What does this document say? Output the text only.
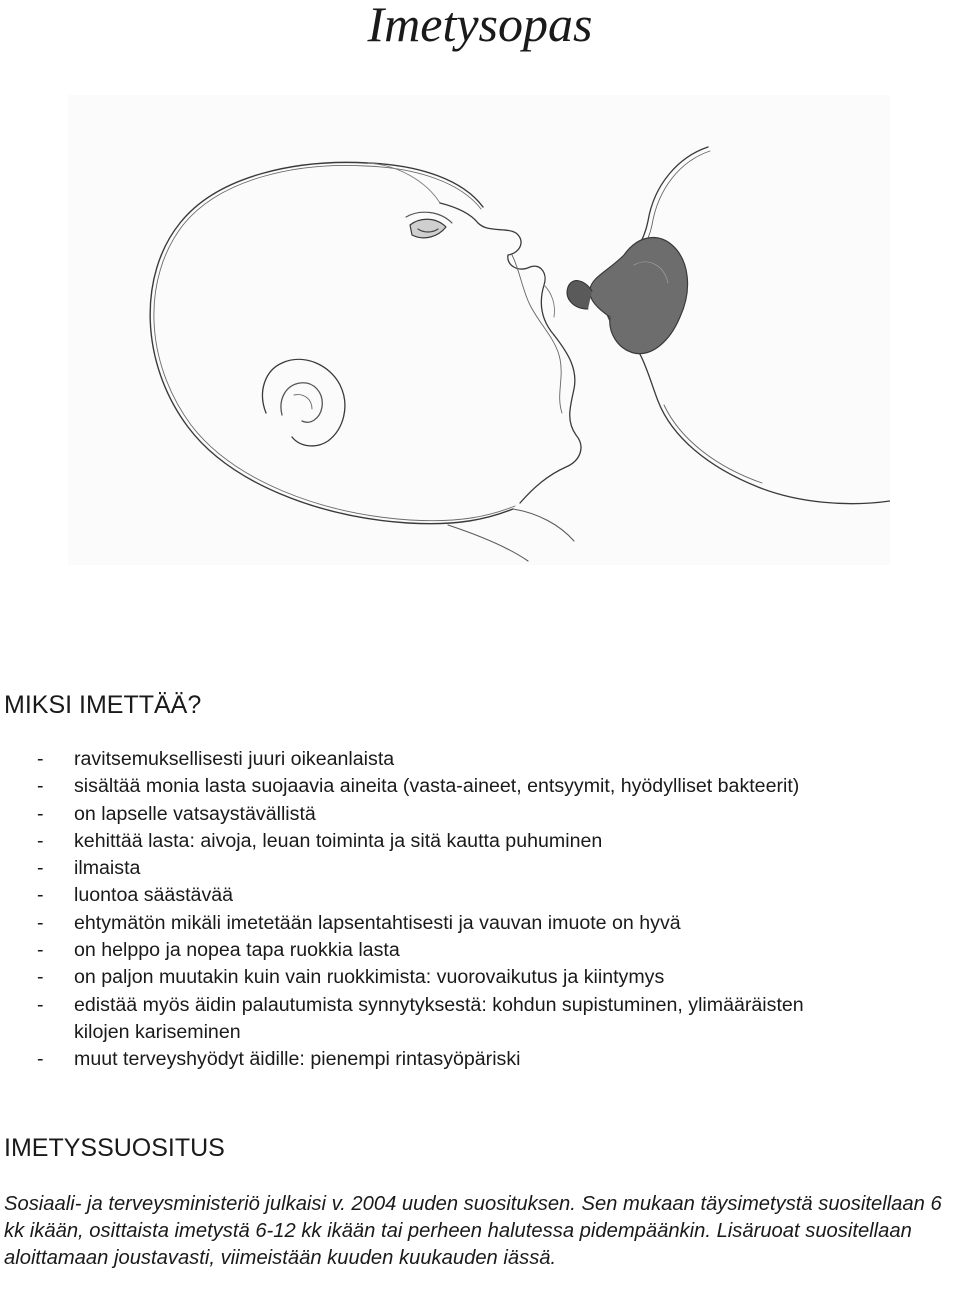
Imetysopas
MIKSI IMETTÄÄ?
- ravitsemuksellisesti juuri oikeanlaista
- sisältää monia lasta suojaavia aineita (vasta-aineet, entsyymit, hyödylliset bakteerit)
- on lapselle vatsaystävällistä
- kehittää lasta: aivoja, leuan toiminta ja sitä kautta puhuminen
- ilmaista
- luontoa säästävää
- ehtymätön mikäli imetetään lapsentahtisesti ja vauvan imuote on hyvä
- on helppo ja nopea tapa ruokkia lasta
- on paljon muutakin kuin vain ruokkimista: vuorovaikutus ja kiintymys
- edistää myös äidin palautumista synnytyksestä: kohdun supistuminen, ylimääräisten kilojen kariseminen
- muut terveyshyödyt äidille: pienempi rintasyöpäriski
IMETYSSUOSITUS

Sosiaali- ja terveysministeriö julkaisi v. 2004 uuden suosituksen. Sen mukaan täysimetystä suositellaan 6 kk ikään, osittaista imetystä 6-12 kk ikään tai perheen halutessa pidempäänkin. Lisäruoat suositellaan aloittamaan joustavasti, viimeistään kuuden kuukauden iässä.
